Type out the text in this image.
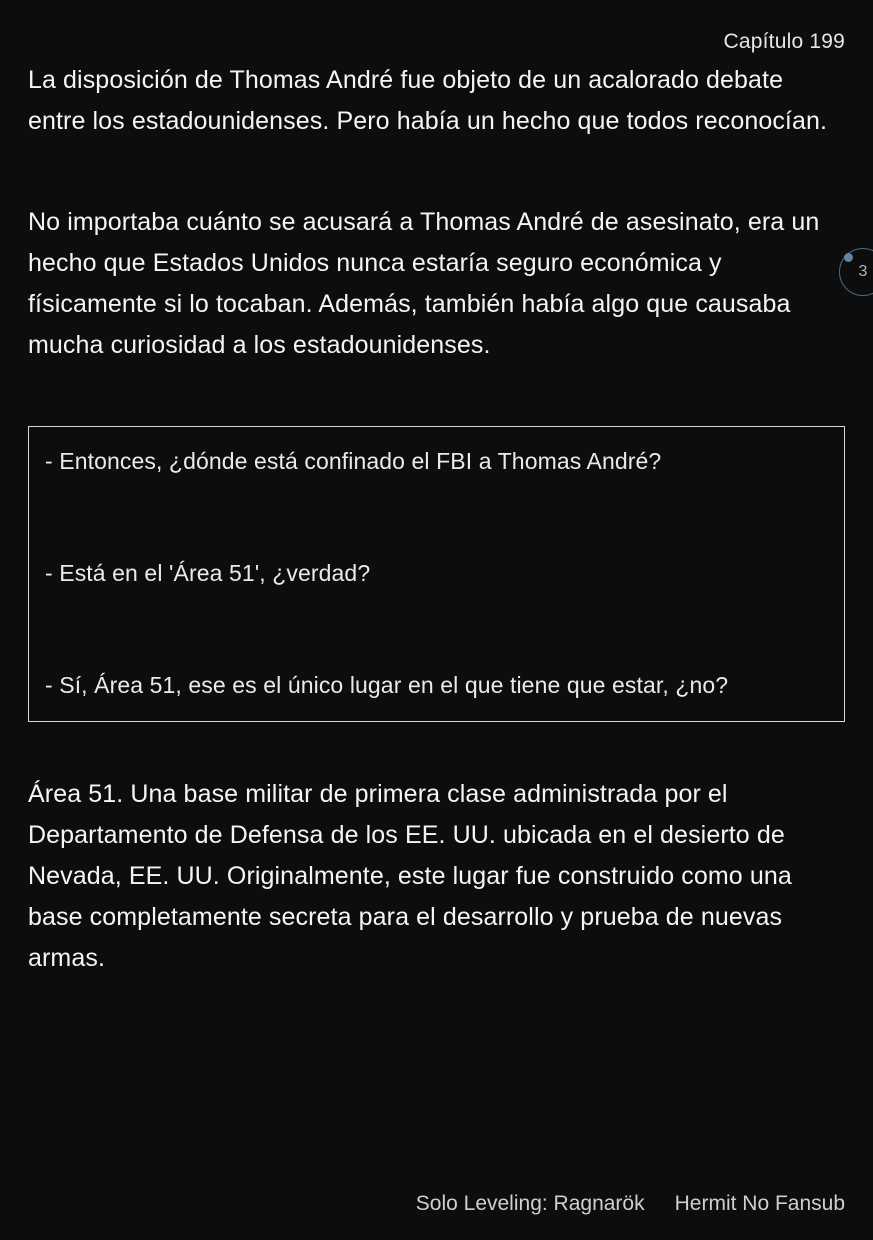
Capítulo 199
3

La disposición de Thomas André fue objeto de un acalorado debate entre los estadounidenses. Pero había un hecho que todos reconocían.

No importaba cuánto se acusará a Thomas André de asesinato, era un hecho que Estados Unidos nunca estaría seguro económica y físicamente si lo tocaban. Además, también había algo que causaba mucha curiosidad a los estadounidenses.

- Entonces, ¿dónde está confinado el FBI a Thomas André?
- Está en el 'Área 51', ¿verdad?
- Sí, Área 51, ese es el único lugar en el que tiene que estar, ¿no?

Área 51. Una base militar de primera clase administrada por el Departamento de Defensa de los EE. UU. ubicada en el desierto de Nevada, EE. UU. Originalmente, este lugar fue construido como una base completamente secreta para el desarrollo y prueba de nuevas armas.

Solo Leveling: Ragnarök Hermit No Fansub
